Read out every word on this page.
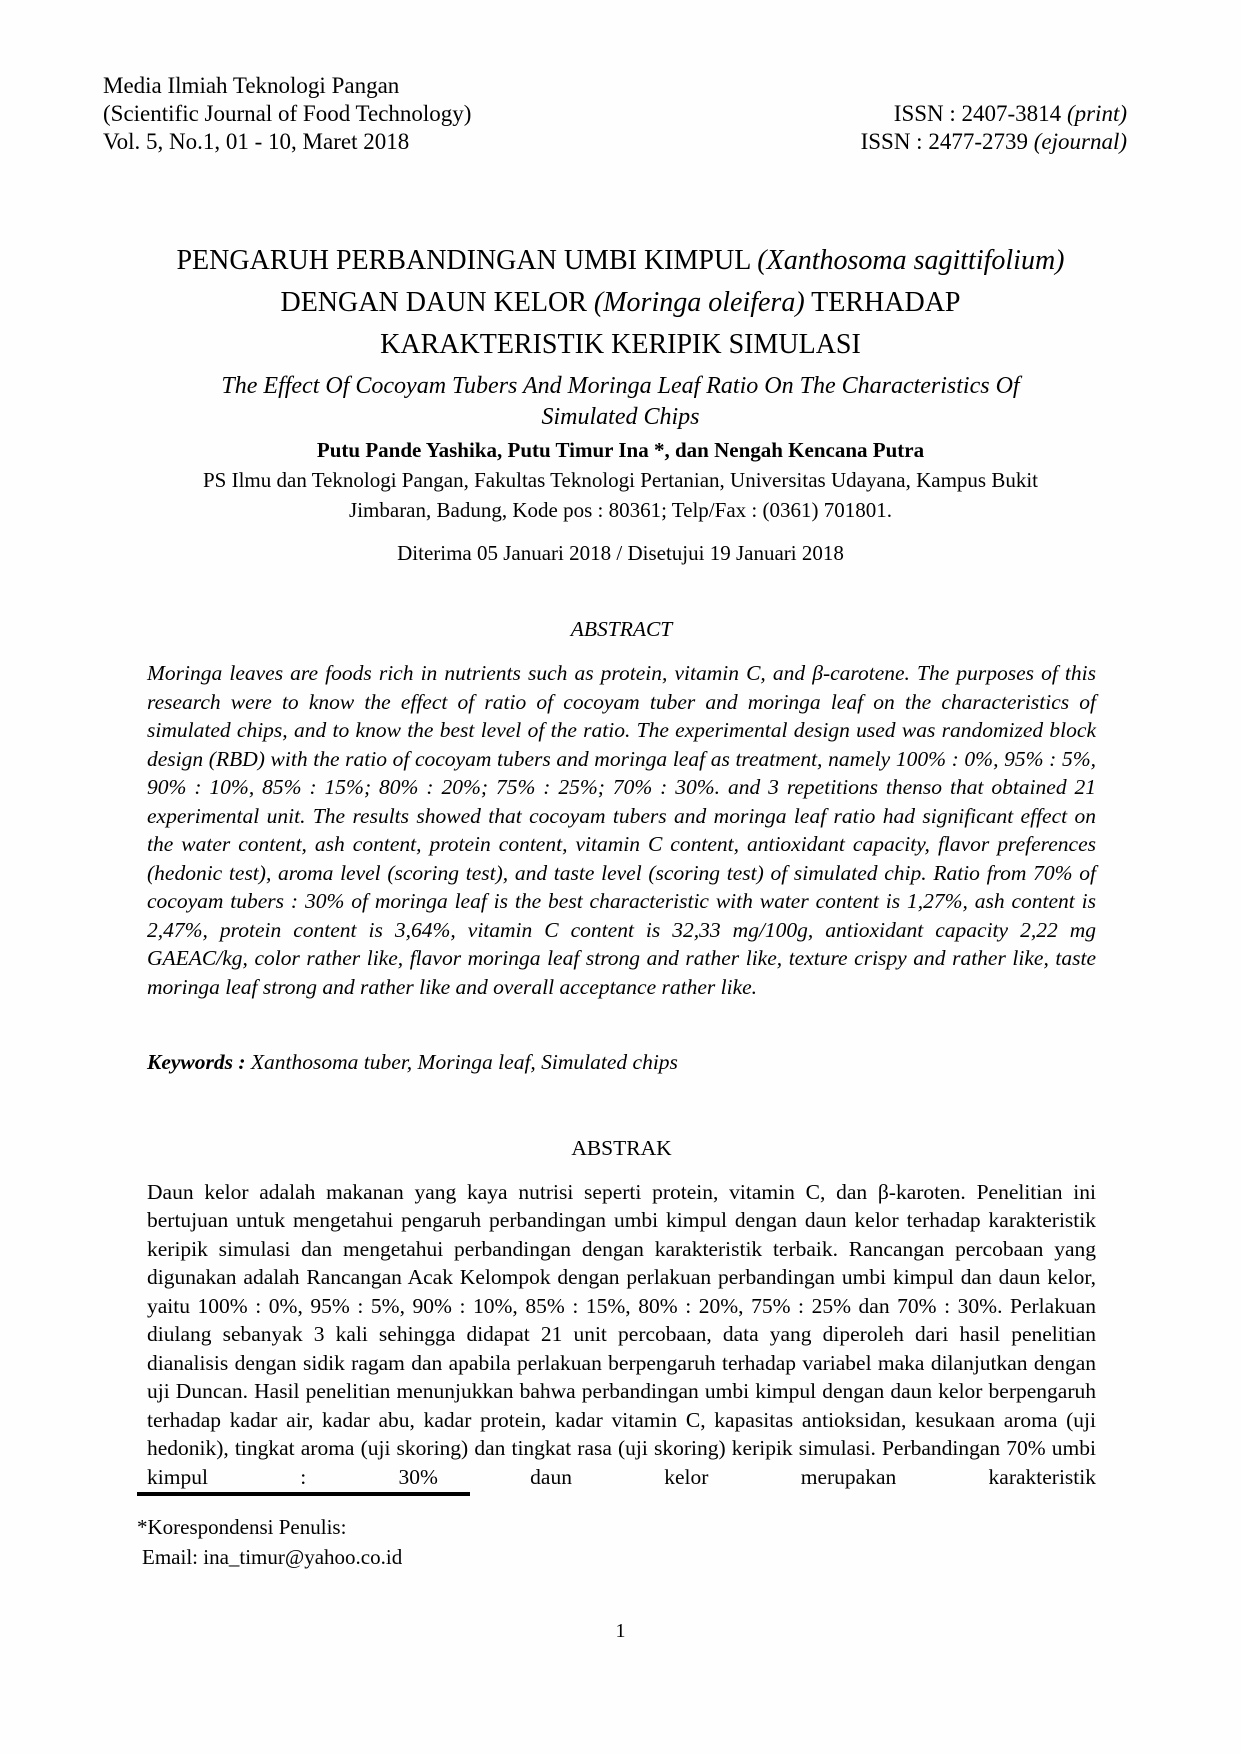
Media Ilmiah Teknologi Pangan
(Scientific Journal of Food Technology)
Vol. 5, No.1, 01 - 10, Maret 2018
ISSN : 2407-3814 (print)
ISSN : 2477-2739 (ejournal)
PENGARUH PERBANDINGAN UMBI KIMPUL (Xanthosoma sagittifolium)
DENGAN DAUN KELOR (Moringa oleifera) TERHADAP
KARAKTERISTIK KERIPIK SIMULASI
The Effect Of Cocoyam Tubers And Moringa Leaf Ratio On The Characteristics Of
Simulated Chips
Putu Pande Yashika, Putu Timur Ina *, dan Nengah Kencana Putra
PS Ilmu dan Teknologi Pangan, Fakultas Teknologi Pertanian, Universitas Udayana, Kampus Bukit
Jimbaran, Badung, Kode pos : 80361; Telp/Fax : (0361) 701801.
Diterima 05 Januari 2018 / Disetujui 19 Januari 2018
ABSTRACT

Moringa leaves are foods rich in nutrients such as protein, vitamin C, and β-carotene. The purposes of this research were to know the effect of ratio of cocoyam tuber and moringa leaf on the characteristics of simulated chips, and to know the best level of the ratio. The experimental design used was randomized block design (RBD) with the ratio of cocoyam tubers and moringa leaf as treatment, namely 100% : 0%, 95% : 5%, 90% : 10%, 85% : 15%; 80% : 20%; 75% : 25%; 70% : 30%. and 3 repetitions thenso that obtained 21 experimental unit. The results showed that cocoyam tubers and moringa leaf ratio had significant effect on the water content, ash content, protein content, vitamin C content, antioxidant capacity, flavor preferences (hedonic test), aroma level (scoring test), and taste level (scoring test) of simulated chip. Ratio from 70% of cocoyam tubers : 30% of moringa leaf is the best characteristic with water content is 1,27%, ash content is 2,47%, protein content is 3,64%, vitamin C content is 32,33 mg/100g, antioxidant capacity 2,22 mg GAEAC/kg, color rather like, flavor moringa leaf strong and rather like, texture crispy and rather like, taste moringa leaf strong and rather like and overall acceptance rather like.

Keywords : Xanthosoma tuber, Moringa leaf, Simulated chips
ABSTRAK

Daun kelor adalah makanan yang kaya nutrisi seperti protein, vitamin C, dan β-karoten. Penelitian ini bertujuan untuk mengetahui pengaruh perbandingan umbi kimpul dengan daun kelor terhadap karakteristik keripik simulasi dan mengetahui perbandingan dengan karakteristik terbaik. Rancangan percobaan yang digunakan adalah Rancangan Acak Kelompok dengan perlakuan perbandingan umbi kimpul dan daun kelor, yaitu 100% : 0%, 95% : 5%, 90% : 10%, 85% : 15%, 80% : 20%, 75% : 25% dan 70% : 30%. Perlakuan diulang sebanyak 3 kali sehingga didapat 21 unit percobaan, data yang diperoleh dari hasil penelitian dianalisis dengan sidik ragam dan apabila perlakuan berpengaruh terhadap variabel maka dilanjutkan dengan uji Duncan. Hasil penelitian menunjukkan bahwa perbandingan umbi kimpul dengan daun kelor berpengaruh terhadap kadar air, kadar abu, kadar protein, kadar vitamin C, kapasitas antioksidan, kesukaan aroma (uji hedonik), tingkat aroma (uji skoring) dan tingkat rasa (uji skoring) keripik simulasi. Perbandingan 70% umbi kimpul : 30% daun kelor merupakan karakteristik

*Korespondensi Penulis:
Email: ina_timur@yahoo.co.id
1
